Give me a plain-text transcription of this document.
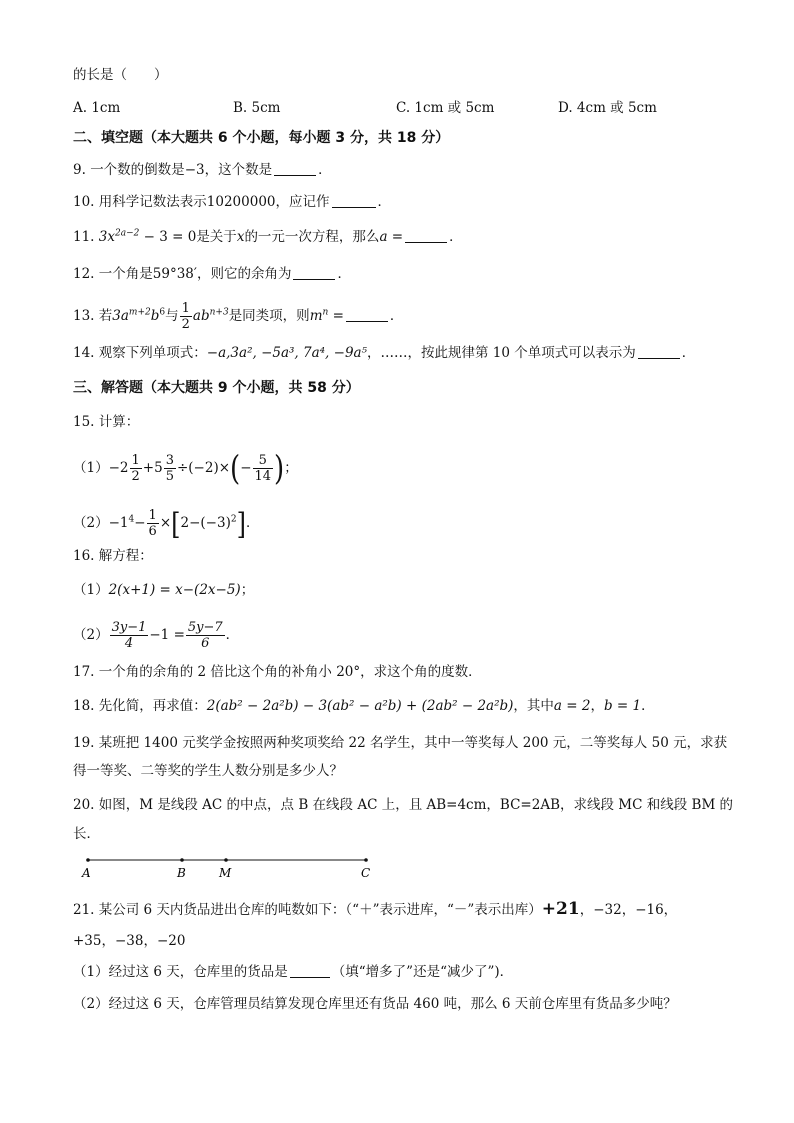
的长是（　　）
A. 1cm	B. 5cm	C. 1cm 或 5cm	D. 4cm 或 5cm
二、填空题（本大题共 6 个小题，每小题 3 分，共 18 分）
9. 一个数的倒数是−3，这个数是	．
10. 用科学记数法表示10200000，应记作	．
11. $3x^{2a-2} - 3 = 0$是关于x的一元一次方程，那么a =	．
12. 一个角是59°38′，则它的余角为	．
13. 若$3a^{m+2}b^6$与 $\frac{1}{2} ab^{n+3}$是同类项，则$m^n$ =	．
14. 观察下列单项式：−a,3a², −5a³, 7a⁴, −9a⁵，……，按此规律第 10 个单项式可以表示为	．
三、解答题（本大题共 9 个小题，共 58 分）
15. 计算：
$(1)-2 \frac{1}{2} +5 \frac{3}{5} \div(-2)\times(- \frac{5}{14}$ )；
$(2)-1^4- \frac{1}{6} \times[2-(-3)^2]$．
16. 解方程：
（1）2(x+1) = x−(2x−5)；
$(2) \frac{3y-1}{4} -1 = \frac{5y-7}{6}$ ．
17. 一个角的余角的 2 倍比这个角的补角小 20°，求这个角的度数．
18. 先化简，再求值：2(ab² − 2a²b) − 3(ab² − a²b) + (2ab² − 2a²b)，其中a = 2，b = 1．
19. 某班把 1400 元奖学金按照两种奖项奖给 22 名学生，其中一等奖每人 200 元，二等奖每人 50 元，求获
得一等奖、二等奖的学生人数分别是多少人？
20. 如图，M 是线段 AC 的中点，点 B 在线段 AC 上，且 AB=4cm，BC=2AB，求线段 MC 和线段 BM 的
长．
A	B	M	C
21. 某公司 6 天内货品进出仓库的吨数如下：（“＋”表示进库，“－”表示出库）+21，−32，−16，
+35，−38，−20
（1）经过这 6 天，仓库里的货品是	（填“增多了”还是“减少了”)．
（2）经过这 6 天，仓库管理员结算发现仓库里还有货品 460 吨，那么 6 天前仓库里有货品多少吨？
